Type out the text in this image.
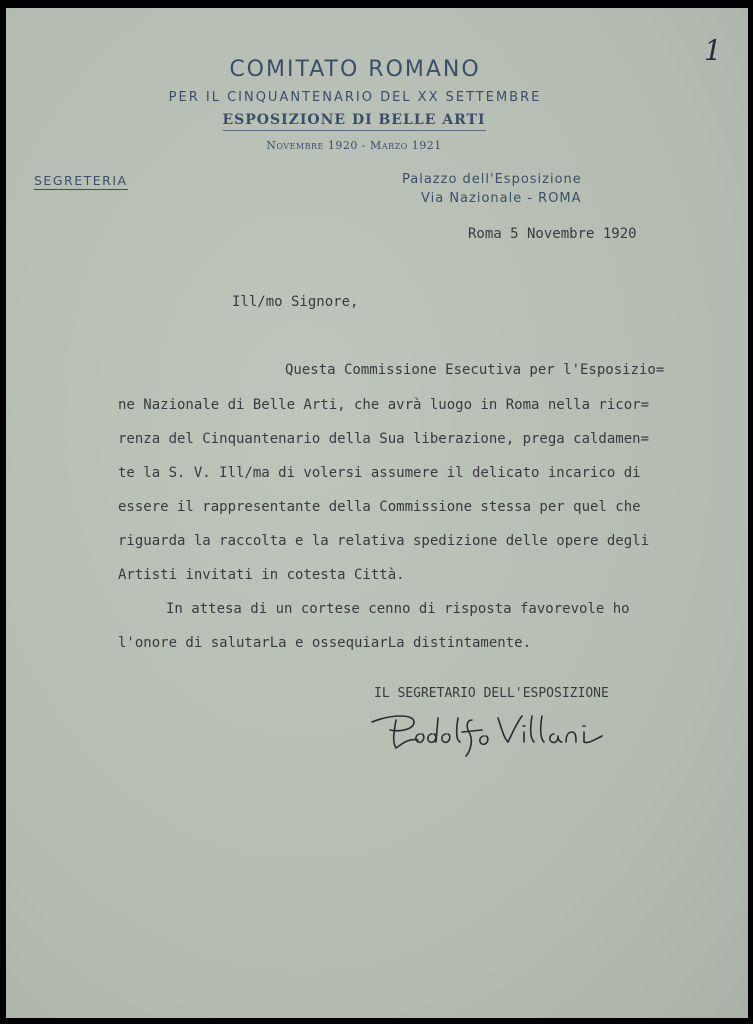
1
COMITATO ROMANO
PER IL CINQUANTENARIO DEL XX SETTEMBRE
ESPOSIZIONE DI BELLE ARTI
Novembre 1920 - Marzo 1921
SEGRETERIA	Palazzo dell'Esposizione
Via Nazionale - ROMA
Roma 5 Novembre 1920
Ill/mo Signore,
Questa Commissione Esecutiva per l'Esposizio=
ne Nazionale di Belle Arti, che avrà luogo in Roma nella ricor=
renza del Cinquantenario della Sua liberazione, prega caldamen=
te la S. V. Ill/ma di volersi assumere il delicato incarico di
essere il rappresentante della Commissione stessa per quel che
riguarda la raccolta e la relativa spedizione delle opere degli
Artisti invitati in cotesta Città.
In attesa di un cortese cenno di risposta favorevole ho
l'onore di salutarLa e ossequiarLa distintamente.
IL SEGRETARIO DELL'ESPOSIZIONE
